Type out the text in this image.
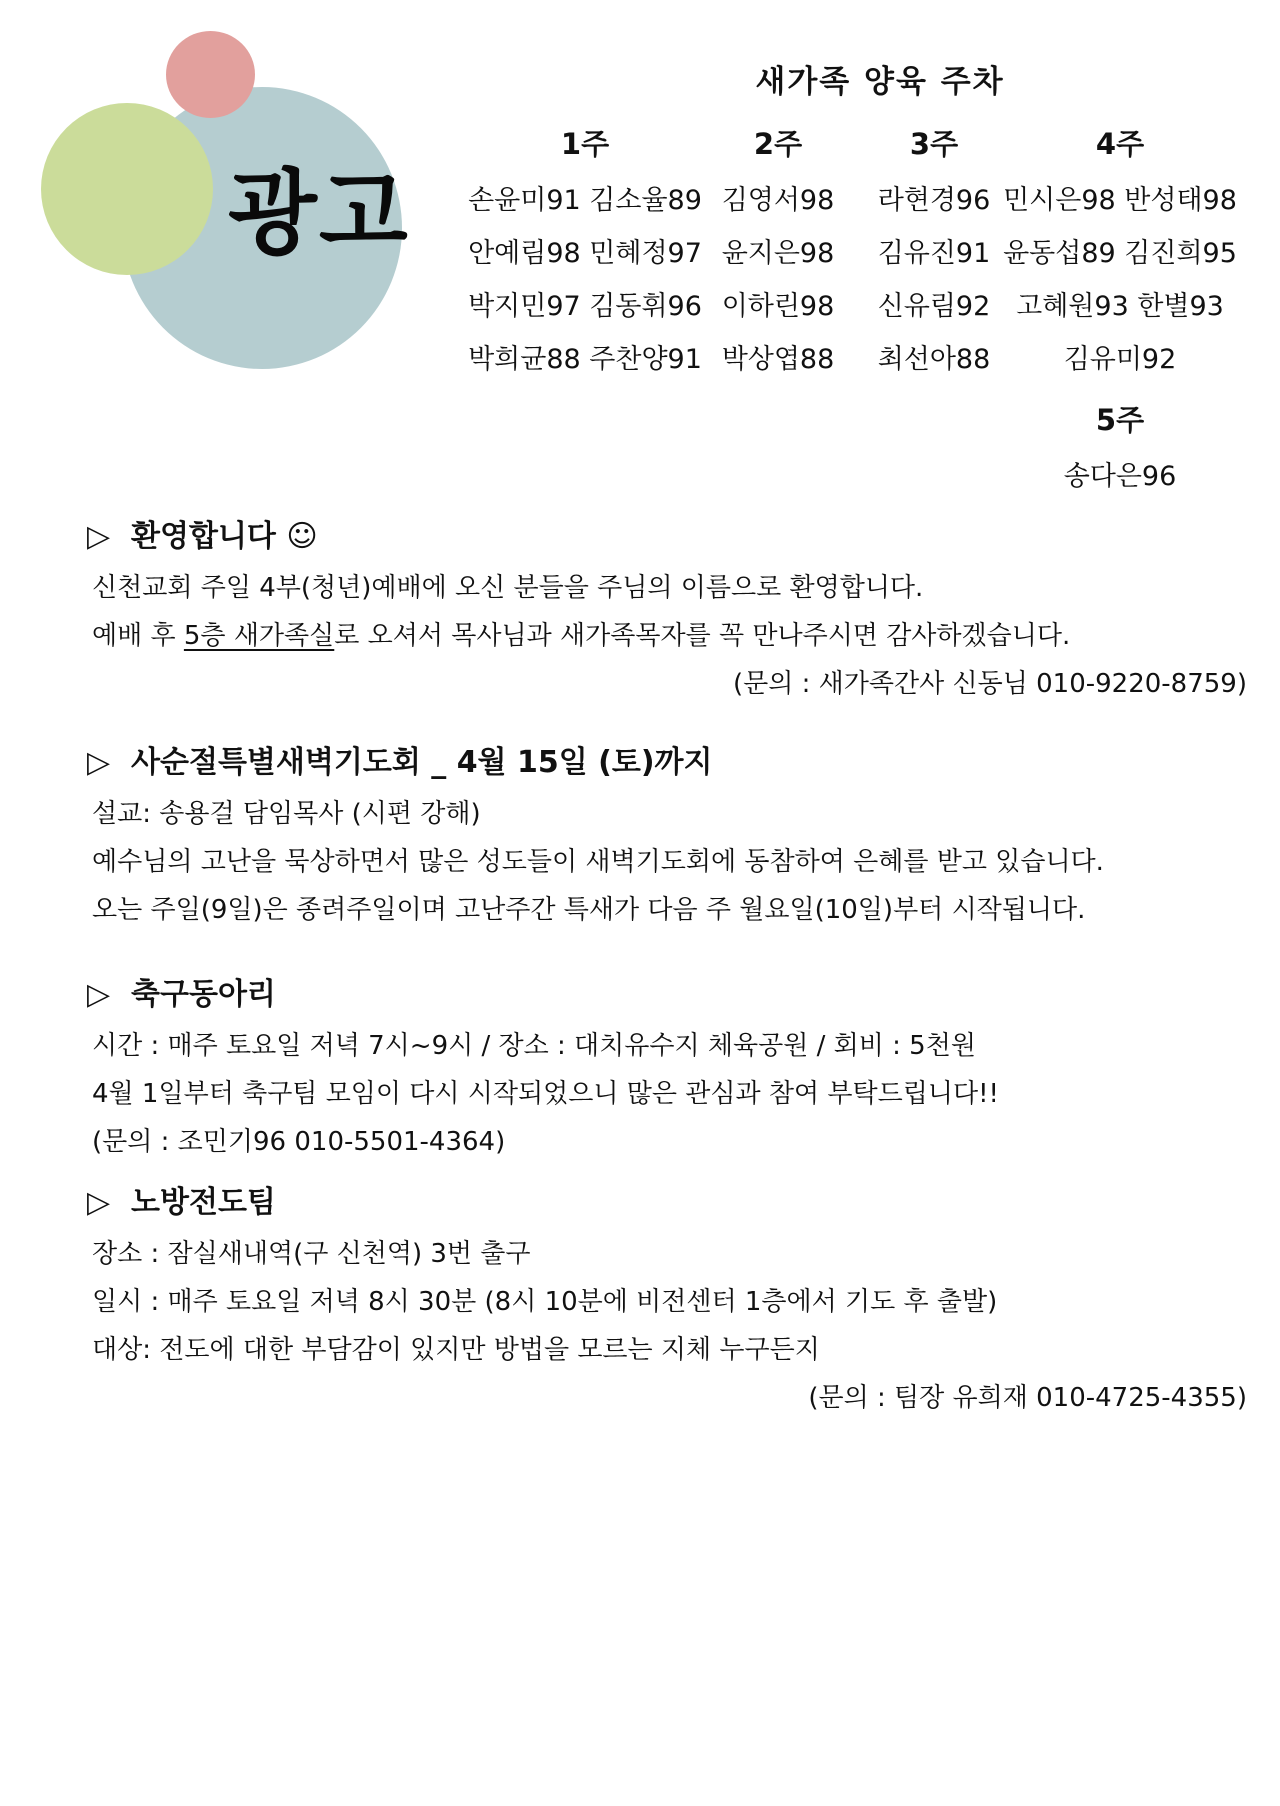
광고
새가족 양육 주차
1주
손윤미91 김소율89
안예림98 민혜정97
박지민97 김동휘96
박희균88 주찬양91
2주
김영서98
윤지은98
이하린98
박상엽88
3주
라현경96
김유진91
신유림92
최선아88
4주
민시은98 반성태98
윤동섭89 김진희95
고혜원93 한별93
김유미92
5주
송다은96
▷ 환영합니다 ☺
신천교회 주일 4부(청년)예배에 오신 분들을 주님의 이름으로 환영합니다.
예배 후 5층 새가족실로 오셔서 목사님과 새가족목자를 꼭 만나주시면 감사하겠습니다.
(문의 : 새가족간사 신동님 010-9220-8759)
▷ 사순절특별새벽기도회 _ 4월 15일 (토)까지
설교: 송용걸 담임목사 (시편 강해)
예수님의 고난을 묵상하면서 많은 성도들이 새벽기도회에 동참하여 은혜를 받고 있습니다.
오는 주일(9일)은 종려주일이며 고난주간 특새가 다음 주 월요일(10일)부터 시작됩니다.
▷ 축구동아리
시간 : 매주 토요일 저녁 7시~9시 / 장소 : 대치유수지 체육공원 / 회비 : 5천원
4월 1일부터 축구팀 모임이 다시 시작되었으니 많은 관심과 참여 부탁드립니다!!
(문의 : 조민기96 010-5501-4364)
▷ 노방전도팀
장소 : 잠실새내역(구 신천역) 3번 출구
일시 : 매주 토요일 저녁 8시 30분 (8시 10분에 비전센터 1층에서 기도 후 출발)
대상: 전도에 대한 부담감이 있지만 방법을 모르는 지체 누구든지
(문의 : 팀장 유희재 010-4725-4355)
